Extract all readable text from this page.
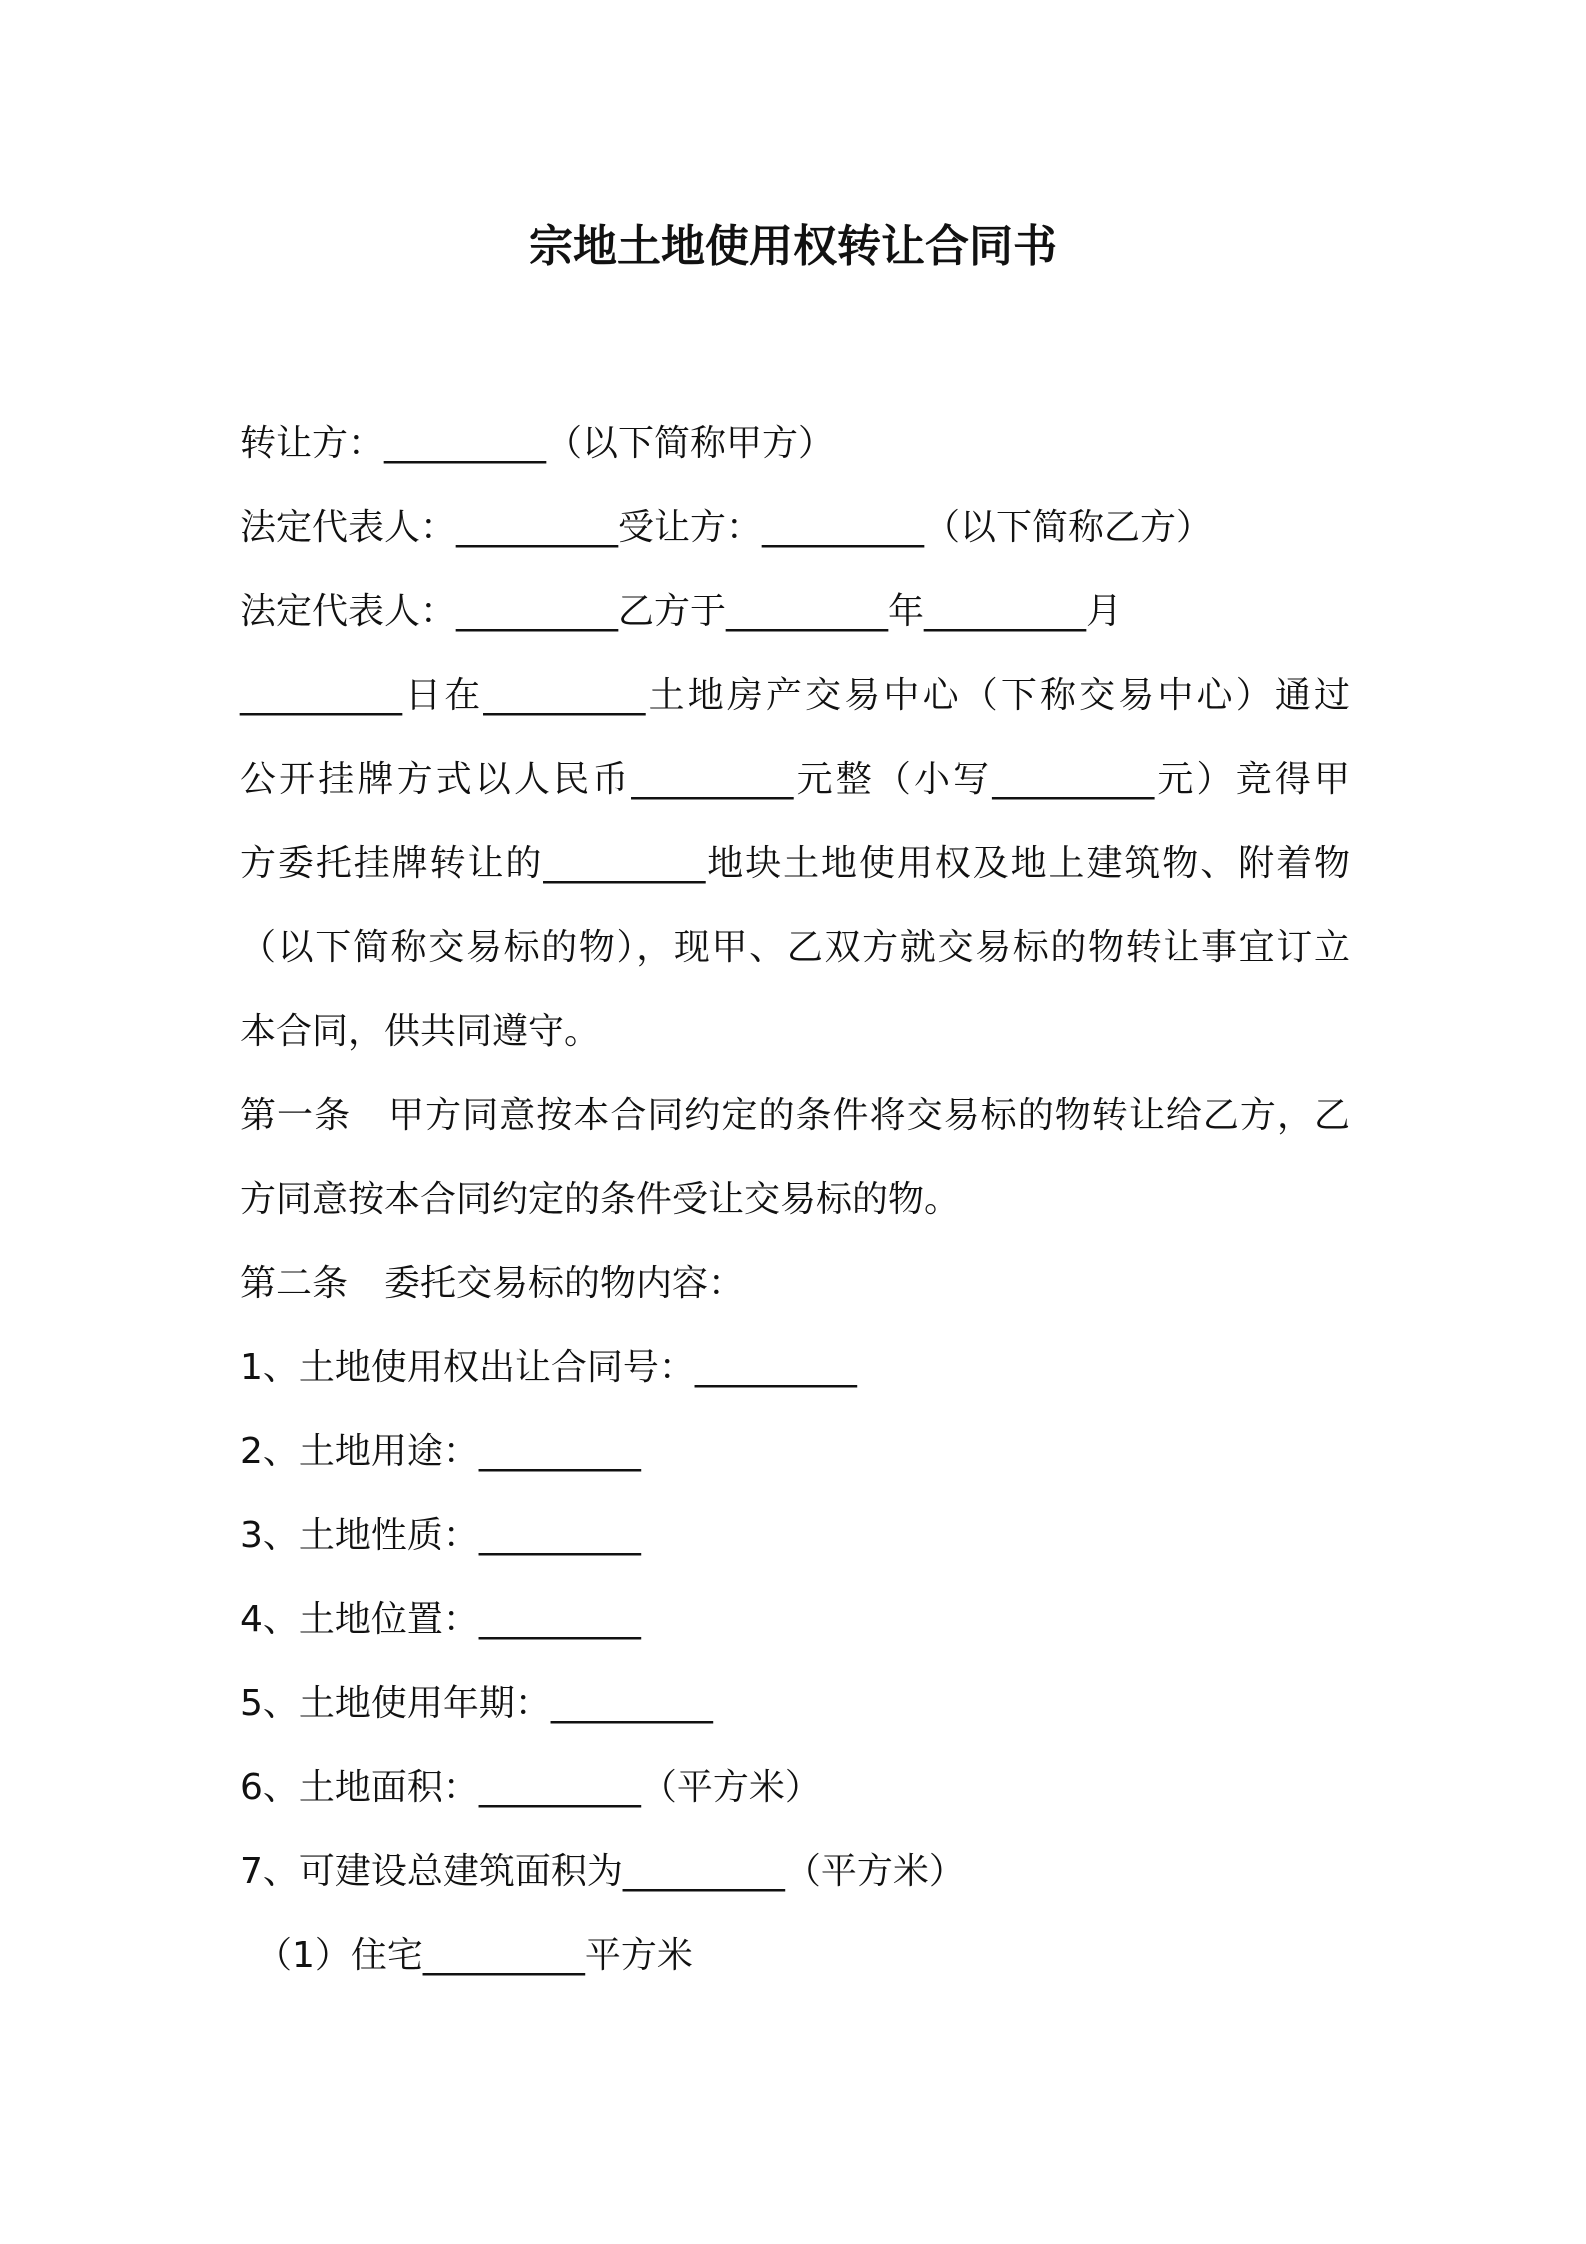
宗地土地使用权转让合同书
转让方：_________（以下简称甲方）
法定代表人：_________受让方：_________（以下简称乙方）
法定代表人：_________乙方于_________年_________月
_________日在_________土地房产交易中心（下称交易中心）通过
公开挂牌方式以人民币_________元整（小写_________元）竞得甲
方委托挂牌转让的_________地块土地使用权及地上建筑物、附着物
（以下简称交易标的物），现甲、乙双方就交易标的物转让事宜订立
本合同，供共同遵守。
第一条　甲方同意按本合同约定的条件将交易标的物转让给乙方，乙
方同意按本合同约定的条件受让交易标的物。
第二条　委托交易标的物内容：
1、土地使用权出让合同号：_________
2、土地用途：_________
3、土地性质：_________
4、土地位置：_________
5、土地使用年期：_________
6、土地面积：_________（平方米）
7、可建设总建筑面积为_________（平方米）
（1）住宅_________平方米
